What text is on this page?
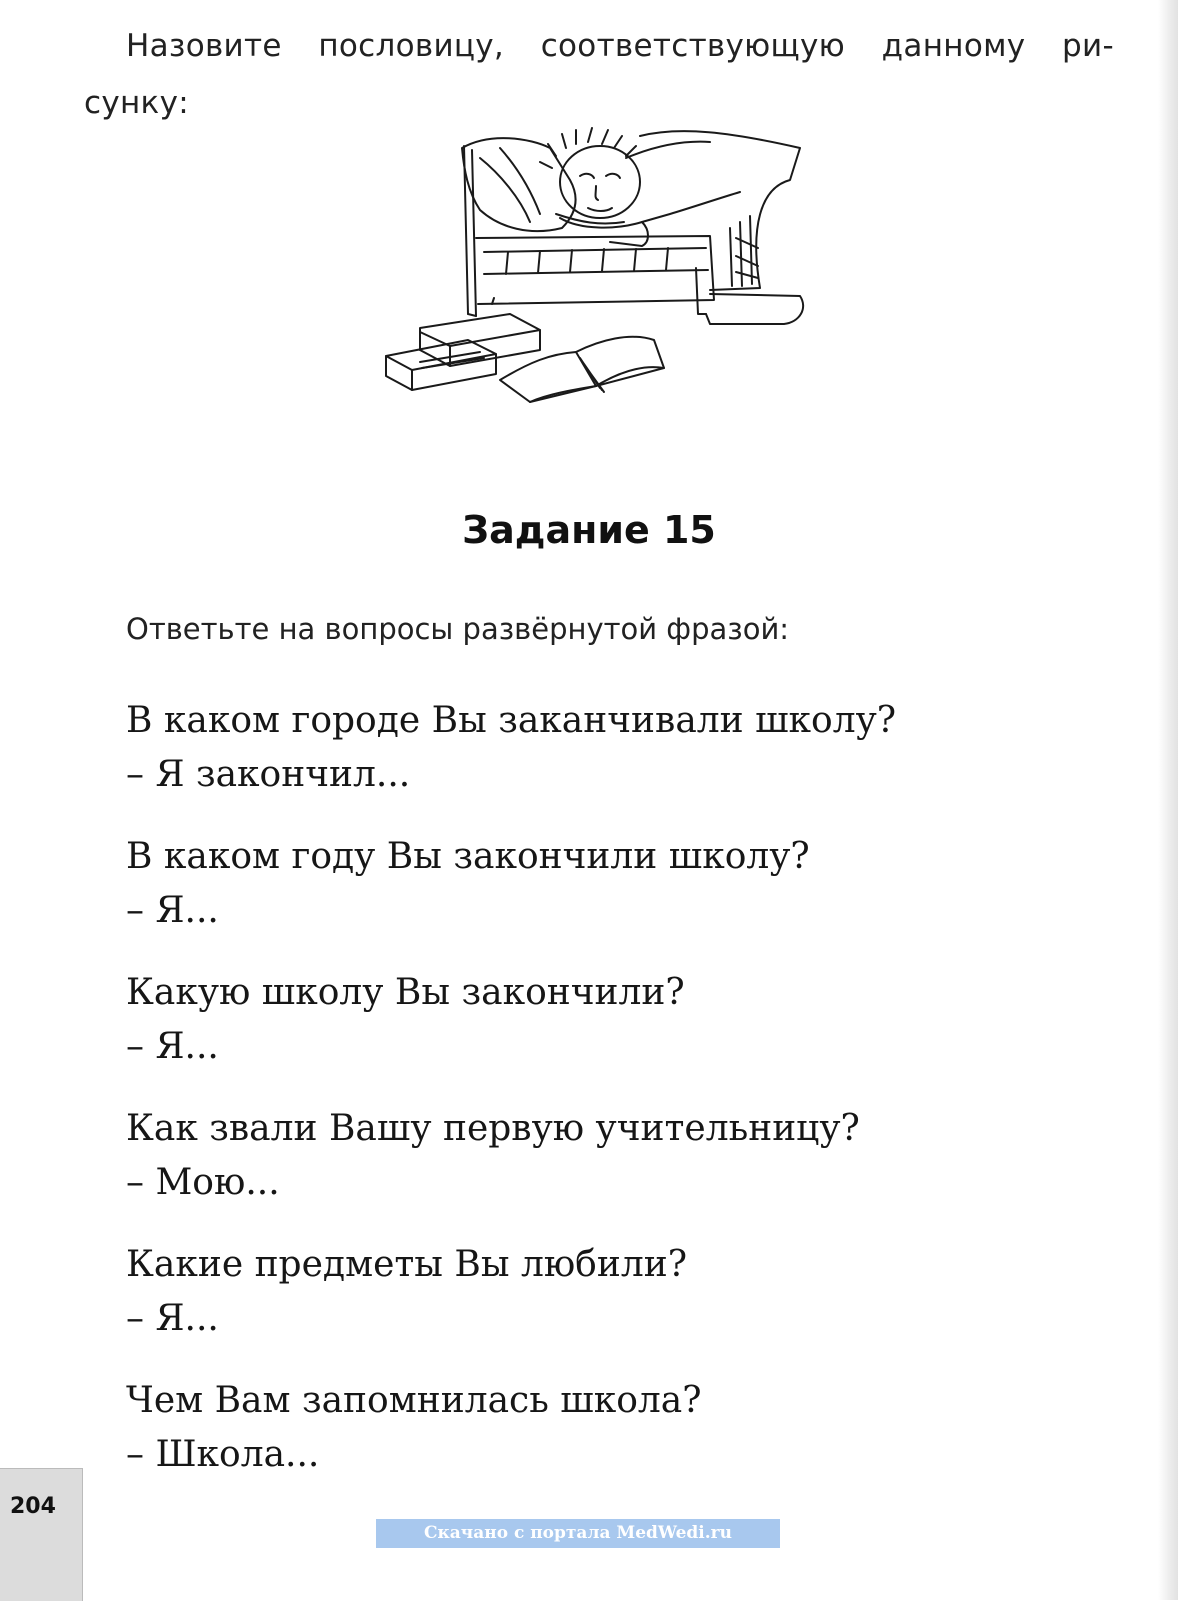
Назовите пословицу, соответствующую данному ри-
сунку:
Задание 15
Ответьте на вопросы развёрнутой фразой:
В каком городе Вы заканчивали школу?
– Я закончил...
В каком году Вы закончили школу?
– Я...
Какую школу Вы закончили?
– Я...
Как звали Вашу первую учительницу?
– Мою...
Какие предметы Вы любили?
– Я...
Чем Вам запомнилась школа?
– Школа...
204
Скачано с портала MedWedi.ru
